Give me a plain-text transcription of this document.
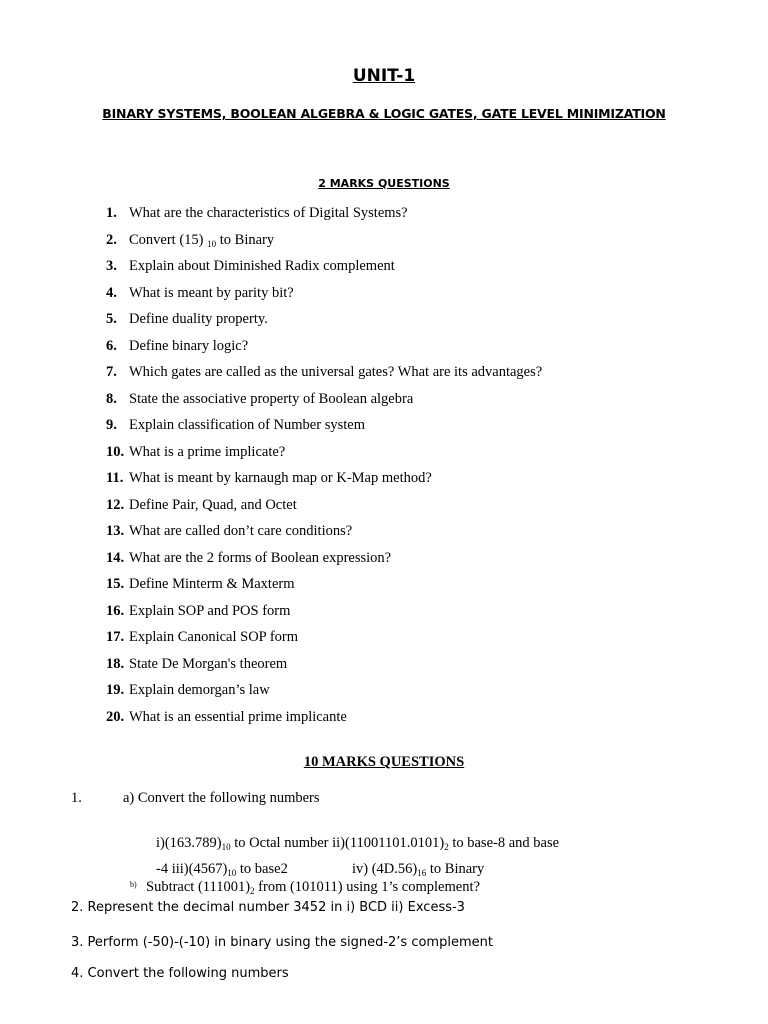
UNIT-1
BINARY SYSTEMS, BOOLEAN ALGEBRA & LOGIC GATES, GATE LEVEL MINIMIZATION
2 MARKS QUESTIONS
1. What are the characteristics of Digital Systems?
2. Convert (15) $_{10}$ to Binary
3. Explain about Diminished Radix complement
4. What is meant by parity bit?
5. Define duality property.
6. Define binary logic?
7. Which gates are called as the universal gates? What are its advantages?
8. State the associative property of Boolean algebra
9. Explain classification of Number system
10. What is a prime implicate?
11. What is meant by karnaugh map or K-Map method?
12. Define Pair, Quad, and Octet
13. What are called don’t care conditions?
14. What are the 2 forms of Boolean expression?
15. Define Minterm & Maxterm
16. Explain SOP and POS form
17. Explain Canonical SOP form
18. State De Morgan's theorem
19. Explain demorgan’s law
20. What is an essential prime implicante
10 MARKS QUESTIONS
1.	a) Convert the following numbers
$i)(163.789)_{10}$ to Octal number $ii)(11001101.0101)_2$ to base-8 and base
-4 $iii)(4567)_{10}$ to base2	iv) $(4D.56)_{16}$ to Binary
b) Subtract $(111001)_2$ from (101011) using 1’s complement?
2. Represent the decimal number 3452 in i) BCD ii) Excess-3
3. Perform (-50)-(-10) in binary using the signed-2’s complement
4. Convert the following numbers
